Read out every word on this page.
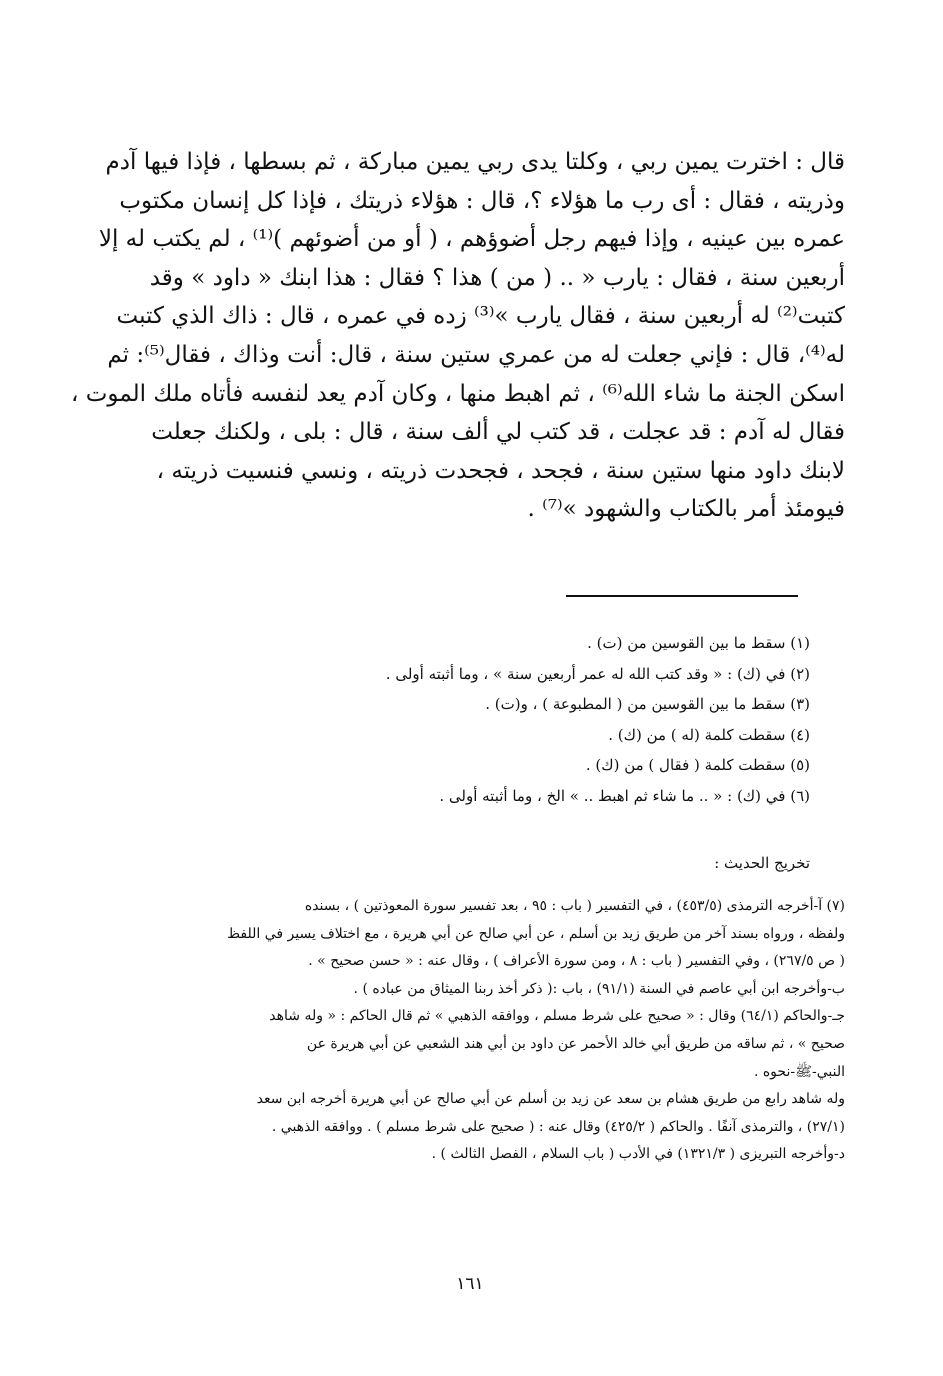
قال : اخترت يمين ربي ، وكلتا يدى ربي يمين مباركة ، ثم بسطها ، فإذا فيها آدم
وذريته ، فقال : أى رب ما هؤلاء ؟، قال : هؤلاء ذريتك ، فإذا كل إنسان مكتوب
عمره بين عينيه ، وإذا فيهم رجل أضوؤهم ، ( أو من أضوئهم )⁽¹⁾ ، لم يكتب له إلا
أربعين سنة ، فقال : يارب « .. ( من ) هذا ؟ فقال : هذا ابنك « داود » وقد
كتبت⁽²⁾ له أربعين سنة ، فقال يارب »⁽³⁾ زده في عمره ، قال : ذاك الذي كتبت
له⁽⁴⁾، قال : فإني جعلت له من عمري ستين سنة ، قال: أنت وذاك ، فقال⁽⁵⁾: ثم
اسكن الجنة ما شاء الله⁽⁶⁾ ، ثم اهبط منها ، وكان آدم يعد لنفسه فأتاه ملك الموت ،
فقال له آدم : قد عجلت ، قد كتب لي ألف سنة ، قال : بلى ، ولكنك جعلت
لابنك داود منها ستين سنة ، فجحد ، فجحدت ذريته ، ونسي فنسيت ذريته ،
فيومئذ أمر بالكتاب والشهود »⁽⁷⁾ .
(١) سقط ما بين القوسين من (ت) .
(٢) في (ك) : « وقد كتب الله له عمر أربعين سنة » ، وما أثبته أولى .
(٣) سقط ما بين القوسين من ( المطبوعة ) ، و(ت) .
(٤) سقطت كلمة (له ) من (ك) .
(٥) سقطت كلمة ( فقال ) من (ك) .
(٦) في (ك) : « .. ما شاء ثم اهبط .. » الخ ، وما أثبته أولى .
تخريج الحديث :
(٧) آ-أخرجه الترمذى (٤٥٣/٥) ، في التفسير ( باب : ٩٥ ، بعد تفسير سورة المعوذتين ) ، بسنده
ولفظه ، ورواه بسند آخر من طريق زيد بن أسلم ، عن أبي صالح عن أبي هريرة ، مع اختلاف يسير في اللفظ
( ص ٢٦٧/٥) ، وفي التفسير ( باب : ٨ ، ومن سورة الأعراف ) ، وقال عنه : « حسن صحيح » .
ب-وأخرجه ابن أبي عاصم في السنة (٩١/١) ، باب :( ذكر أخذ ربنا الميثاق من عباده ) .
جـ-والحاكم (٦٤/١) وقال : « صحيح على شرط مسلم ، ووافقه الذهبي » ثم قال الحاكم : « وله شاهد
صحيح » ، ثم ساقه من طريق أبي خالد الأحمر عن داود بن أبي هند الشعبي عن أبي هريرة عن
النبي-ﷺ-نحوه .
وله شاهد رابع من طريق هشام بن سعد عن زيد بن أسلم عن أبي صالح عن أبي هريرة أخرجه ابن سعد
(٢٧/١) ، والترمذى آنفًا . والحاكم ( ٤٢٥/٢) وقال عنه : ( صحيح على شرط مسلم ) . ووافقه الذهبي .
د-وأخرجه التبريزى ( ١٣٢١/٣) في الأدب ( باب السلام ، الفصل الثالث ) .
١٦١
